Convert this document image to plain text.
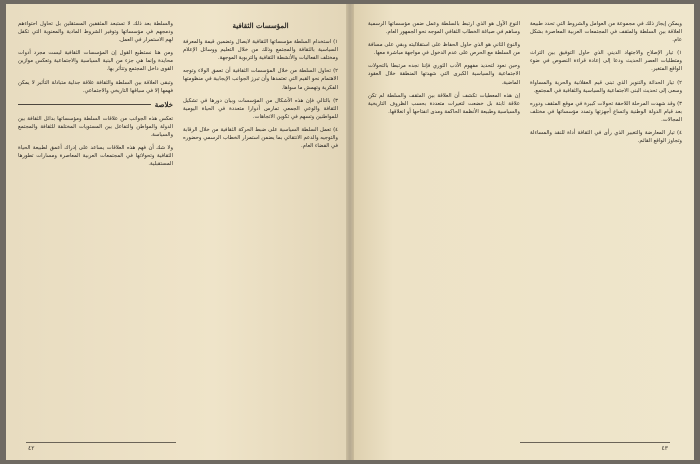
المؤسسات الثقافية

١) استخدام السلطة مؤسساتها الثقافية لايصال وتضمين قيمة والمعرفة السياسية بالثقافة والمجتمع وذلك من خلال التعليم ووسائل الإعلام ومختلف الفعاليات والأنشطة الثقافية والتربوية الموجهة.

٢) تحاول السلطة من خلال المؤسسات الثقافية أن تعمق الولاء وتوجه الاهتمام نحو القيم التي تعتمدها وأن تبرز الجوانب الإيجابية في منظومتها الفكرية وتهمش ما سواها.

٣) بالتالي فإن هذه الأشكال من المؤسسات وبيان دورها في تشكيل الثقافة والوعي الجمعي تمارس أدوارا متعددة في الحياة اليومية للمواطنين وتسهم في تكوين الاتجاهات.

٤) تعمل السلطة السياسية على ضبط الحركة الثقافية من خلال الرقابة والتوجيه والدعم الانتقائي بما يضمن استمرار الخطاب الرسمي وحضوره في الفضاء العام.

والسلطة بعد ذلك لا تستبعد المثقفين المستقلين بل تحاول احتواءهم ودمجهم في مؤسساتها وتوفير الشروط المادية والمعنوية التي تكفل لهم الاستمرار في العمل.

ومن هنا نستطيع القول إن المؤسسات الثقافية ليست مجرد أدوات محايدة وإنما هي جزء من البنية السياسية والاجتماعية وتعكس موازين القوى داخل المجتمع وتتأثر بها.

وتبقى العلاقة بين السلطة والثقافة علاقة جدلية متبادلة التأثير لا يمكن فهمها إلا في سياقها التاريخي والاجتماعي.

خلاصة

تعكس هذه الجوانب من علاقات السلطة ومؤسساتها بدائل الثقافة بين الدولة والمواطن والتفاعل بين المستويات المختلفة للثقافة والمجتمع والسياسة.

ولا شك أن فهم هذه العلاقات يساعد على إدراك أعمق لطبيعة الحياة الثقافية وتحولاتها في المجتمعات العربية المعاصرة ومسارات تطورها المستقبلية.

٤٢

ويمكن إيجاز ذلك في مجموعة من العوامل والشروط التي تحدد طبيعة العلاقة بين السلطة والمثقف في المجتمعات العربية المعاصرة بشكل عام.

١) تيار الإصلاح والاجتهاد الديني الذي حاول التوفيق بين التراث ومتطلبات العصر الحديث ودعا إلى إعادة قراءة النصوص في ضوء الواقع المتغير.

٢) تيار الحداثة والتنوير الذي تبنى قيم العقلانية والحرية والمساواة وسعى إلى تحديث البنى الاجتماعية والسياسية والثقافية في المجتمع.

٣) وقد شهدت المرحلة اللاحقة تحولات كبيرة في موقع المثقف ودوره بعد قيام الدولة الوطنية واتساع أجهزتها وتمدد مؤسساتها في مختلف المجالات.

٤) تيار المعارضة والتغيير الذي رأى في الثقافة أداة للنقد والمساءلة وتجاوز الواقع القائم.

النوع الأول هو الذي ارتبط بالسلطة وعمل ضمن مؤسساتها الرسمية وساهم في صياغة الخطاب الثقافي الموجه نحو الجمهور العام.

والنوع الثاني هو الذي حاول الحفاظ على استقلاليته وبقي على مسافة من السلطة مع الحرص على عدم الدخول في مواجهة مباشرة معها.

وحين نعود لتحديد مفهوم الأدب الثوري فإننا نجده مرتبطا بالتحولات الاجتماعية والسياسية الكبرى التي شهدتها المنطقة خلال العقود الماضية.

إن هذه المعطيات تكشف أن العلاقة بين المثقف والسلطة لم تكن علاقة ثابتة بل خضعت لتغيرات متعددة بحسب الظروف التاريخية والسياسية وطبيعة الأنظمة الحاكمة ومدى انفتاحها أو انغلاقها.

٤٣
